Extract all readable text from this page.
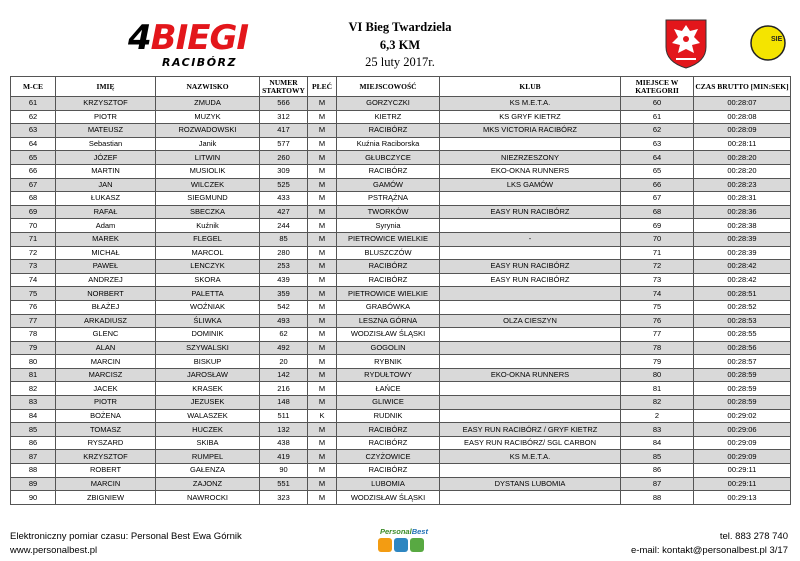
4BIEGI
RACIBÓRZ
VI Bieg Twardziela
6,3 KM
25 luty 2017r.
SIE
M-CE	IMIĘ	NAZWISKO	NUMER STARTOWY	PŁEĆ	MIEJSCOWOŚĆ	KLUB	MIEJSCE W KATEGORII	CZAS BRUTTO [MIN:SEK]
61	KRZYSZTOF	ZMUDA	566	M	GORZYCZKI	KS M.E.T.A.	60	00:28:07
62	PIOTR	MUZYK	312	M	KIETRZ	KS GRYF KIETRZ	61	00:28:08
63	MATEUSZ	ROZWADOWSKI	417	M	RACIBÓRZ	MKS VICTORIA RACIBÓRZ	62	00:28:09
64	Sebastian	Janik	577	M	Kuźnia Raciborska		63	00:28:11
65	JÓZEF	LITWIN	260	M	GŁUBCZYCE	NIEZRZESZONY	64	00:28:20
66	MARTIN	MUSIOLIK	309	M	RACIBÓRZ	EKO-OKNA RUNNERS	65	00:28:20
67	JAN	WILCZEK	525	M	GAMÓW	LKS GAMÓW	66	00:28:23
68	ŁUKASZ	SIEGMUND	433	M	PSTRĄŻNA		67	00:28:31
69	RAFAŁ	SBECZKA	427	M	TWORKÓW	EASY RUN RACIBÓRZ	68	00:28:36
70	Adam	Kuźnik	244	M	Syrynia		69	00:28:38
71	MAREK	FLEGEL	85	M	PIETROWICE WIELKIE	-	70	00:28:39
72	MICHAŁ	MARCOL	280	M	BLUSZCZÓW		71	00:28:39
73	PAWEŁ	LENCZYK	253	M	RACIBÓRZ	EASY RUN RACIBÓRZ	72	00:28:42
74	ANDRZEJ	SKORA	439	M	RACIBÓRZ	EASY RUN RACIBÓRZ	73	00:28:42
75	NORBERT	PALETTA	359	M	PIETROWICE WIELKIE		74	00:28:51
76	BŁAŻEJ	WOŹNIAK	542	M	GRABÓWKA		75	00:28:52
77	ARKADIUSZ	ŚLIWKA	493	M	LESZNA GÓRNA	OLZA CIESZYN	76	00:28:53
78	GLENC	DOMINIK	62	M	WODZISŁAW ŚLĄSKI		77	00:28:55
79	ALAN	SZYWALSKI	492	M	GOGOLIN		78	00:28:56
80	MARCIN	BISKUP	20	M	RYBNIK		79	00:28:57
81	MARCISZ	JAROSŁAW	142	M	RYDUŁTOWY	EKO-OKNA RUNNERS	80	00:28:59
82	JACEK	KRASEK	216	M	ŁAŃCE		81	00:28:59
83	PIOTR	JEZUSEK	148	M	GLIWICE		82	00:28:59
84	BOŻENA	WALASZEK	511	K	RUDNIK		2	00:29:02
85	TOMASZ	HUCZEK	132	M	RACIBÓRZ	EASY RUN RACIBÓRZ / GRYF KIETRZ	83	00:29:06
86	RYSZARD	SKIBA	438	M	RACIBÓRZ	EASY RUN RACIBÓRZ/ SGL CARBON	84	00:29:09
87	KRZYSZTOF	RUMPEL	419	M	CZYŻOWICE	KS M.E.T.A.	85	00:29:09
88	ROBERT	GAŁENZA	90	M	RACIBÓRZ		86	00:29:11
89	MARCIN	ZAJONZ	551	M	LUBOMIA	DYSTANS LUBOMIA	87	00:29:11
90	ZBIGNIEW	NAWROCKI	323	M	WODZISŁAW ŚLĄSKI		88	00:29:13
Elektroniczny pomiar czasu: Personal Best Ewa Górnik
www.personalbest.pl
tel. 883 278 740
e-mail: kontakt@personalbest.pl 3/17
PersonalBest
